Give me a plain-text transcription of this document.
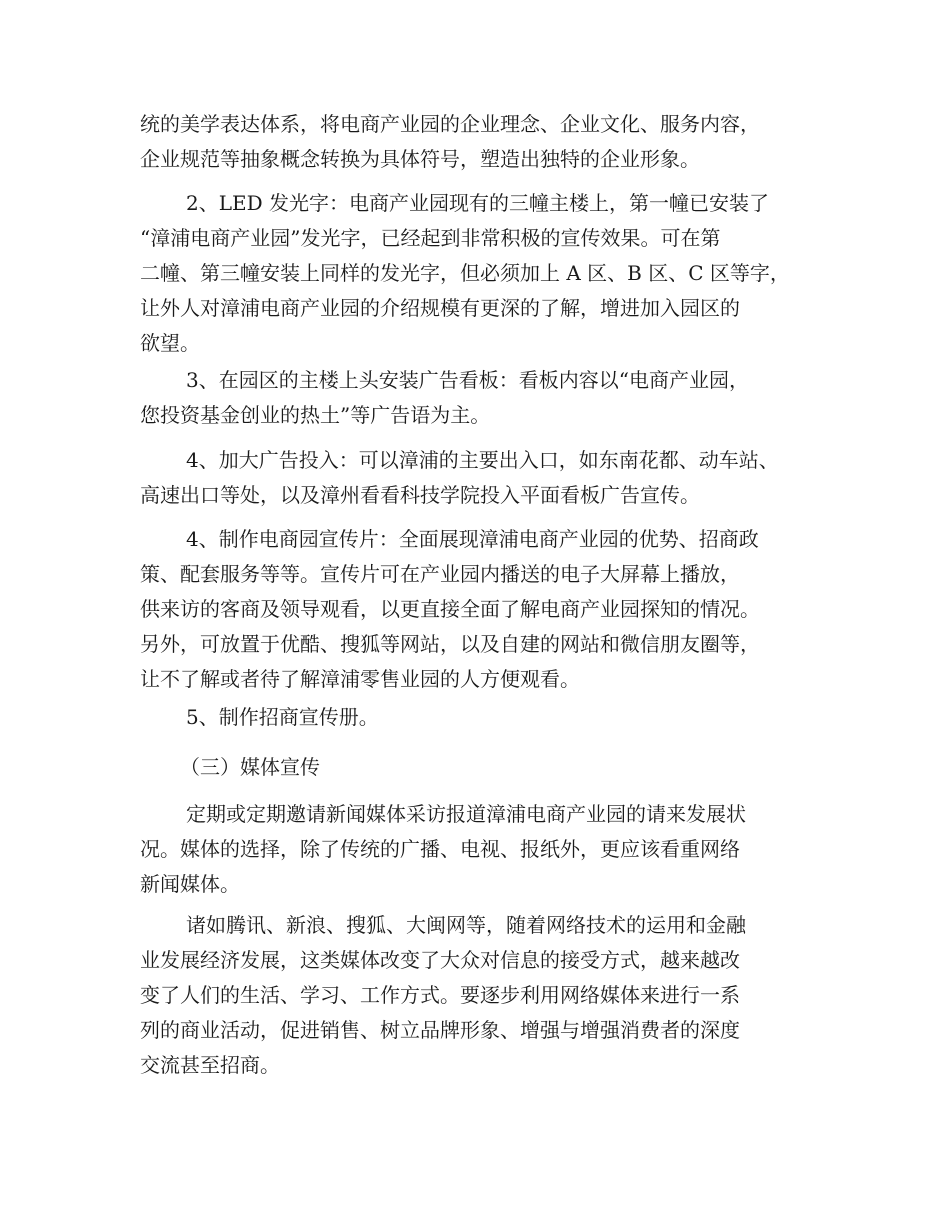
统的美学表达体系，将电商产业园的企业理念、企业文化、服务内容，
企业规范等抽象概念转换为具体符号，塑造出独特的企业形象。
2、LED 发光字：电商产业园现有的三幢主楼上，第一幢已安装了
“漳浦电商产业园”发光字，已经起到非常积极的宣传效果。可在第
二幢、第三幢安装上同样的发光字，但必须加上 A 区、B 区、C 区等字，
让外人对漳浦电商产业园的介绍规模有更深的了解，增进加入园区的
欲望。
3、在园区的主楼上头安装广告看板：看板内容以“电商产业园，
您投资基金创业的热土”等广告语为主。
4、加大广告投入：可以漳浦的主要出入口，如东南花都、动车站、
高速出口等处，以及漳州看看科技学院投入平面看板广告宣传。
4、制作电商园宣传片：全面展现漳浦电商产业园的优势、招商政
策、配套服务等等。宣传片可在产业园内播送的电子大屏幕上播放，
供来访的客商及领导观看，以更直接全面了解电商产业园探知的情况。
另外，可放置于优酷、搜狐等网站，以及自建的网站和微信朋友圈等，
让不了解或者待了解漳浦零售业园的人方便观看。
5、制作招商宣传册。
（三）媒体宣传
定期或定期邀请新闻媒体采访报道漳浦电商产业园的请来发展状
况。媒体的选择，除了传统的广播、电视、报纸外，更应该看重网络
新闻媒体。
诸如腾讯、新浪、搜狐、大闽网等，随着网络技术的运用和金融
业发展经济发展，这类媒体改变了大众对信息的接受方式，越来越改
变了人们的生活、学习、工作方式。要逐步利用网络媒体来进行一系
列的商业活动，促进销售、树立品牌形象、增强与增强消费者的深度
交流甚至招商。
